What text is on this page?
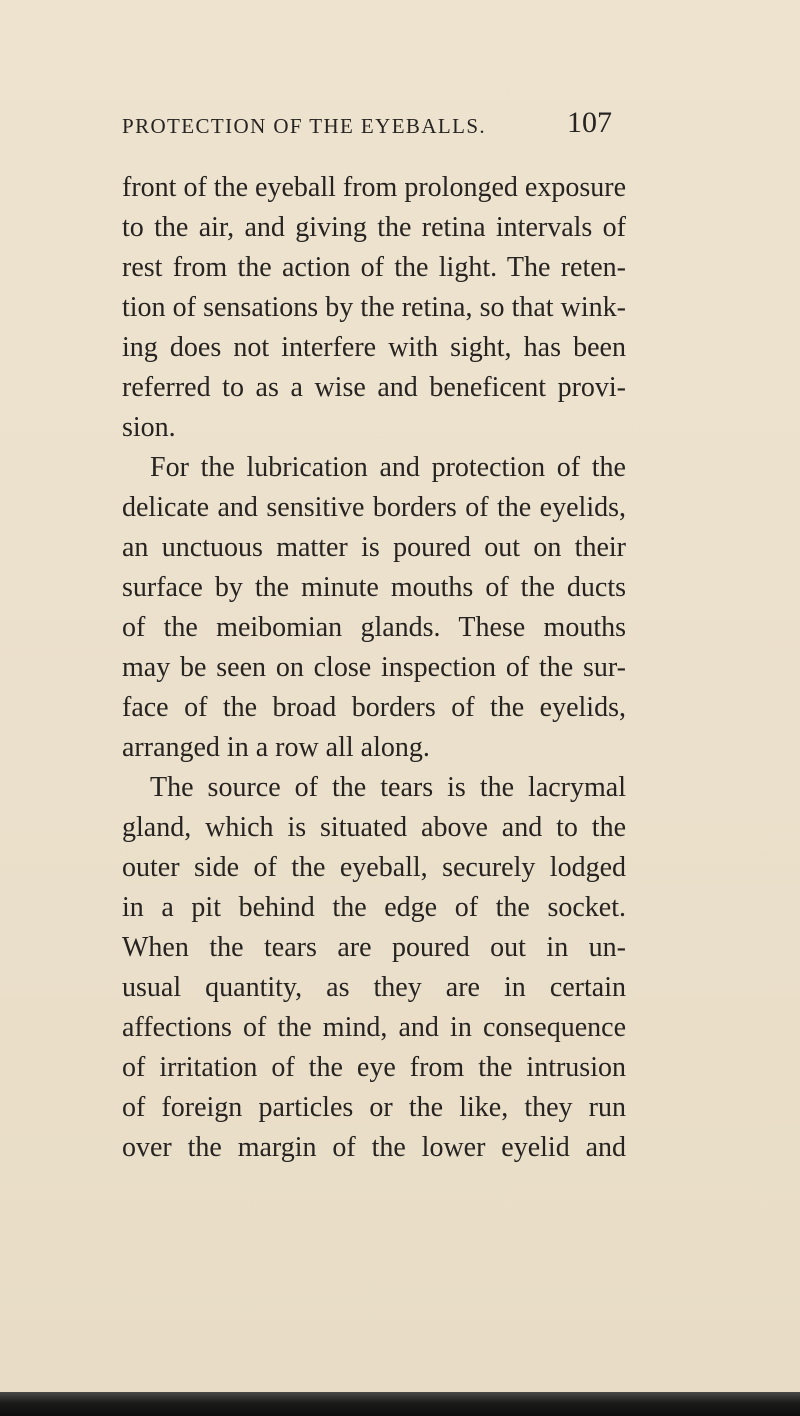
PROTECTION OF THE EYEBALLS.	107
front of the eyeball from prolonged exposure
to the air, and giving the retina intervals of
rest from the action of the light. The reten-
tion of sensations by the retina, so that wink-
ing does not interfere with sight, has been
referred to as a wise and beneficent provi-
sion.
For the lubrication and protection of the
delicate and sensitive borders of the eyelids,
an unctuous matter is poured out on their
surface by the minute mouths of the ducts
of the meibomian glands. These mouths
may be seen on close inspection of the sur-
face of the broad borders of the eyelids,
arranged in a row all along.
The source of the tears is the lacrymal
gland, which is situated above and to the
outer side of the eyeball, securely lodged
in a pit behind the edge of the socket.
When the tears are poured out in un-
usual quantity, as they are in certain
affections of the mind, and in consequence
of irritation of the eye from the intrusion
of foreign particles or the like, they run
over the margin of the lower eyelid and
